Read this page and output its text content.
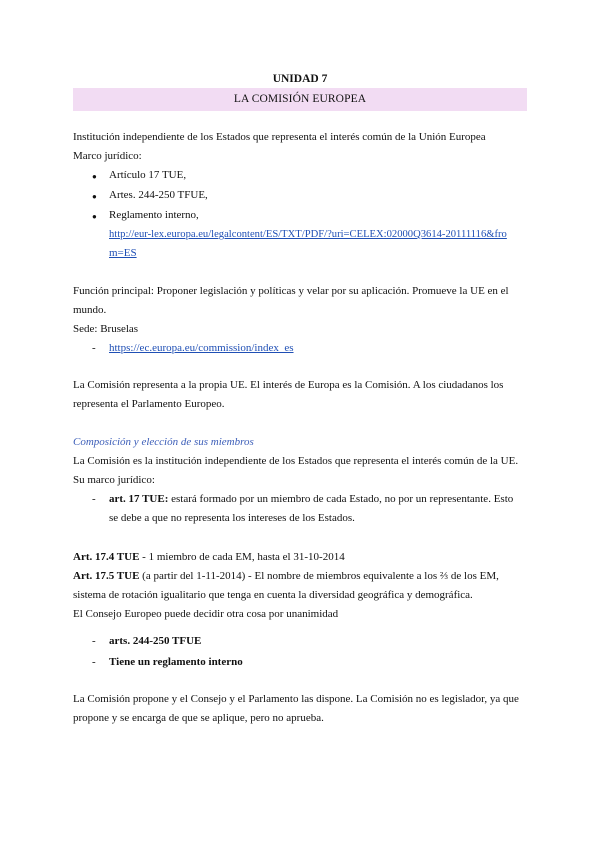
UNIDAD 7
LA COMISIÓN EUROPEA
Institución independiente de los Estados que representa el interés común de la Unión Europea
Marco jurídico:
● Artículo 17 TUE,
● Artes. 244-250 TFUE,
● Reglamento interno,
http://eur-lex.europa.eu/legalcontent/ES/TXT/PDF/?uri=CELEX:02000Q3614-20111116&fro
m=ES
Función principal: Proponer legislación y políticas y velar por su aplicación. Promueve la UE en el
mundo.
Sede: Bruselas
- https://ec.europa.eu/commission/index_es
La Comisión representa a la propia UE. El interés de Europa es la Comisión. A los ciudadanos los
representa el Parlamento Europeo.
Composición y elección de sus miembros
La Comisión es la institución independiente de los Estados que representa el interés común de la UE.
Su marco jurídico:
- art. 17 TUE: estará formado por un miembro de cada Estado, no por un representante. Esto
se debe a que no representa los intereses de los Estados.
Art. 17.4 TUE - 1 miembro de cada EM, hasta el 31-10-2014
Art. 17.5 TUE (a partir del 1-11-2014) - El nombre de miembros equivalente a los ⅔ de los EM,
sistema de rotación igualitario que tenga en cuenta la diversidad geográfica y demográfica.
El Consejo Europeo puede decidir otra cosa por unanimidad
- arts. 244-250 TFUE
- Tiene un reglamento interno
La Comisión propone y el Consejo y el Parlamento las dispone. La Comisión no es legislador, ya que
propone y se encarga de que se aplique, pero no aprueba.
